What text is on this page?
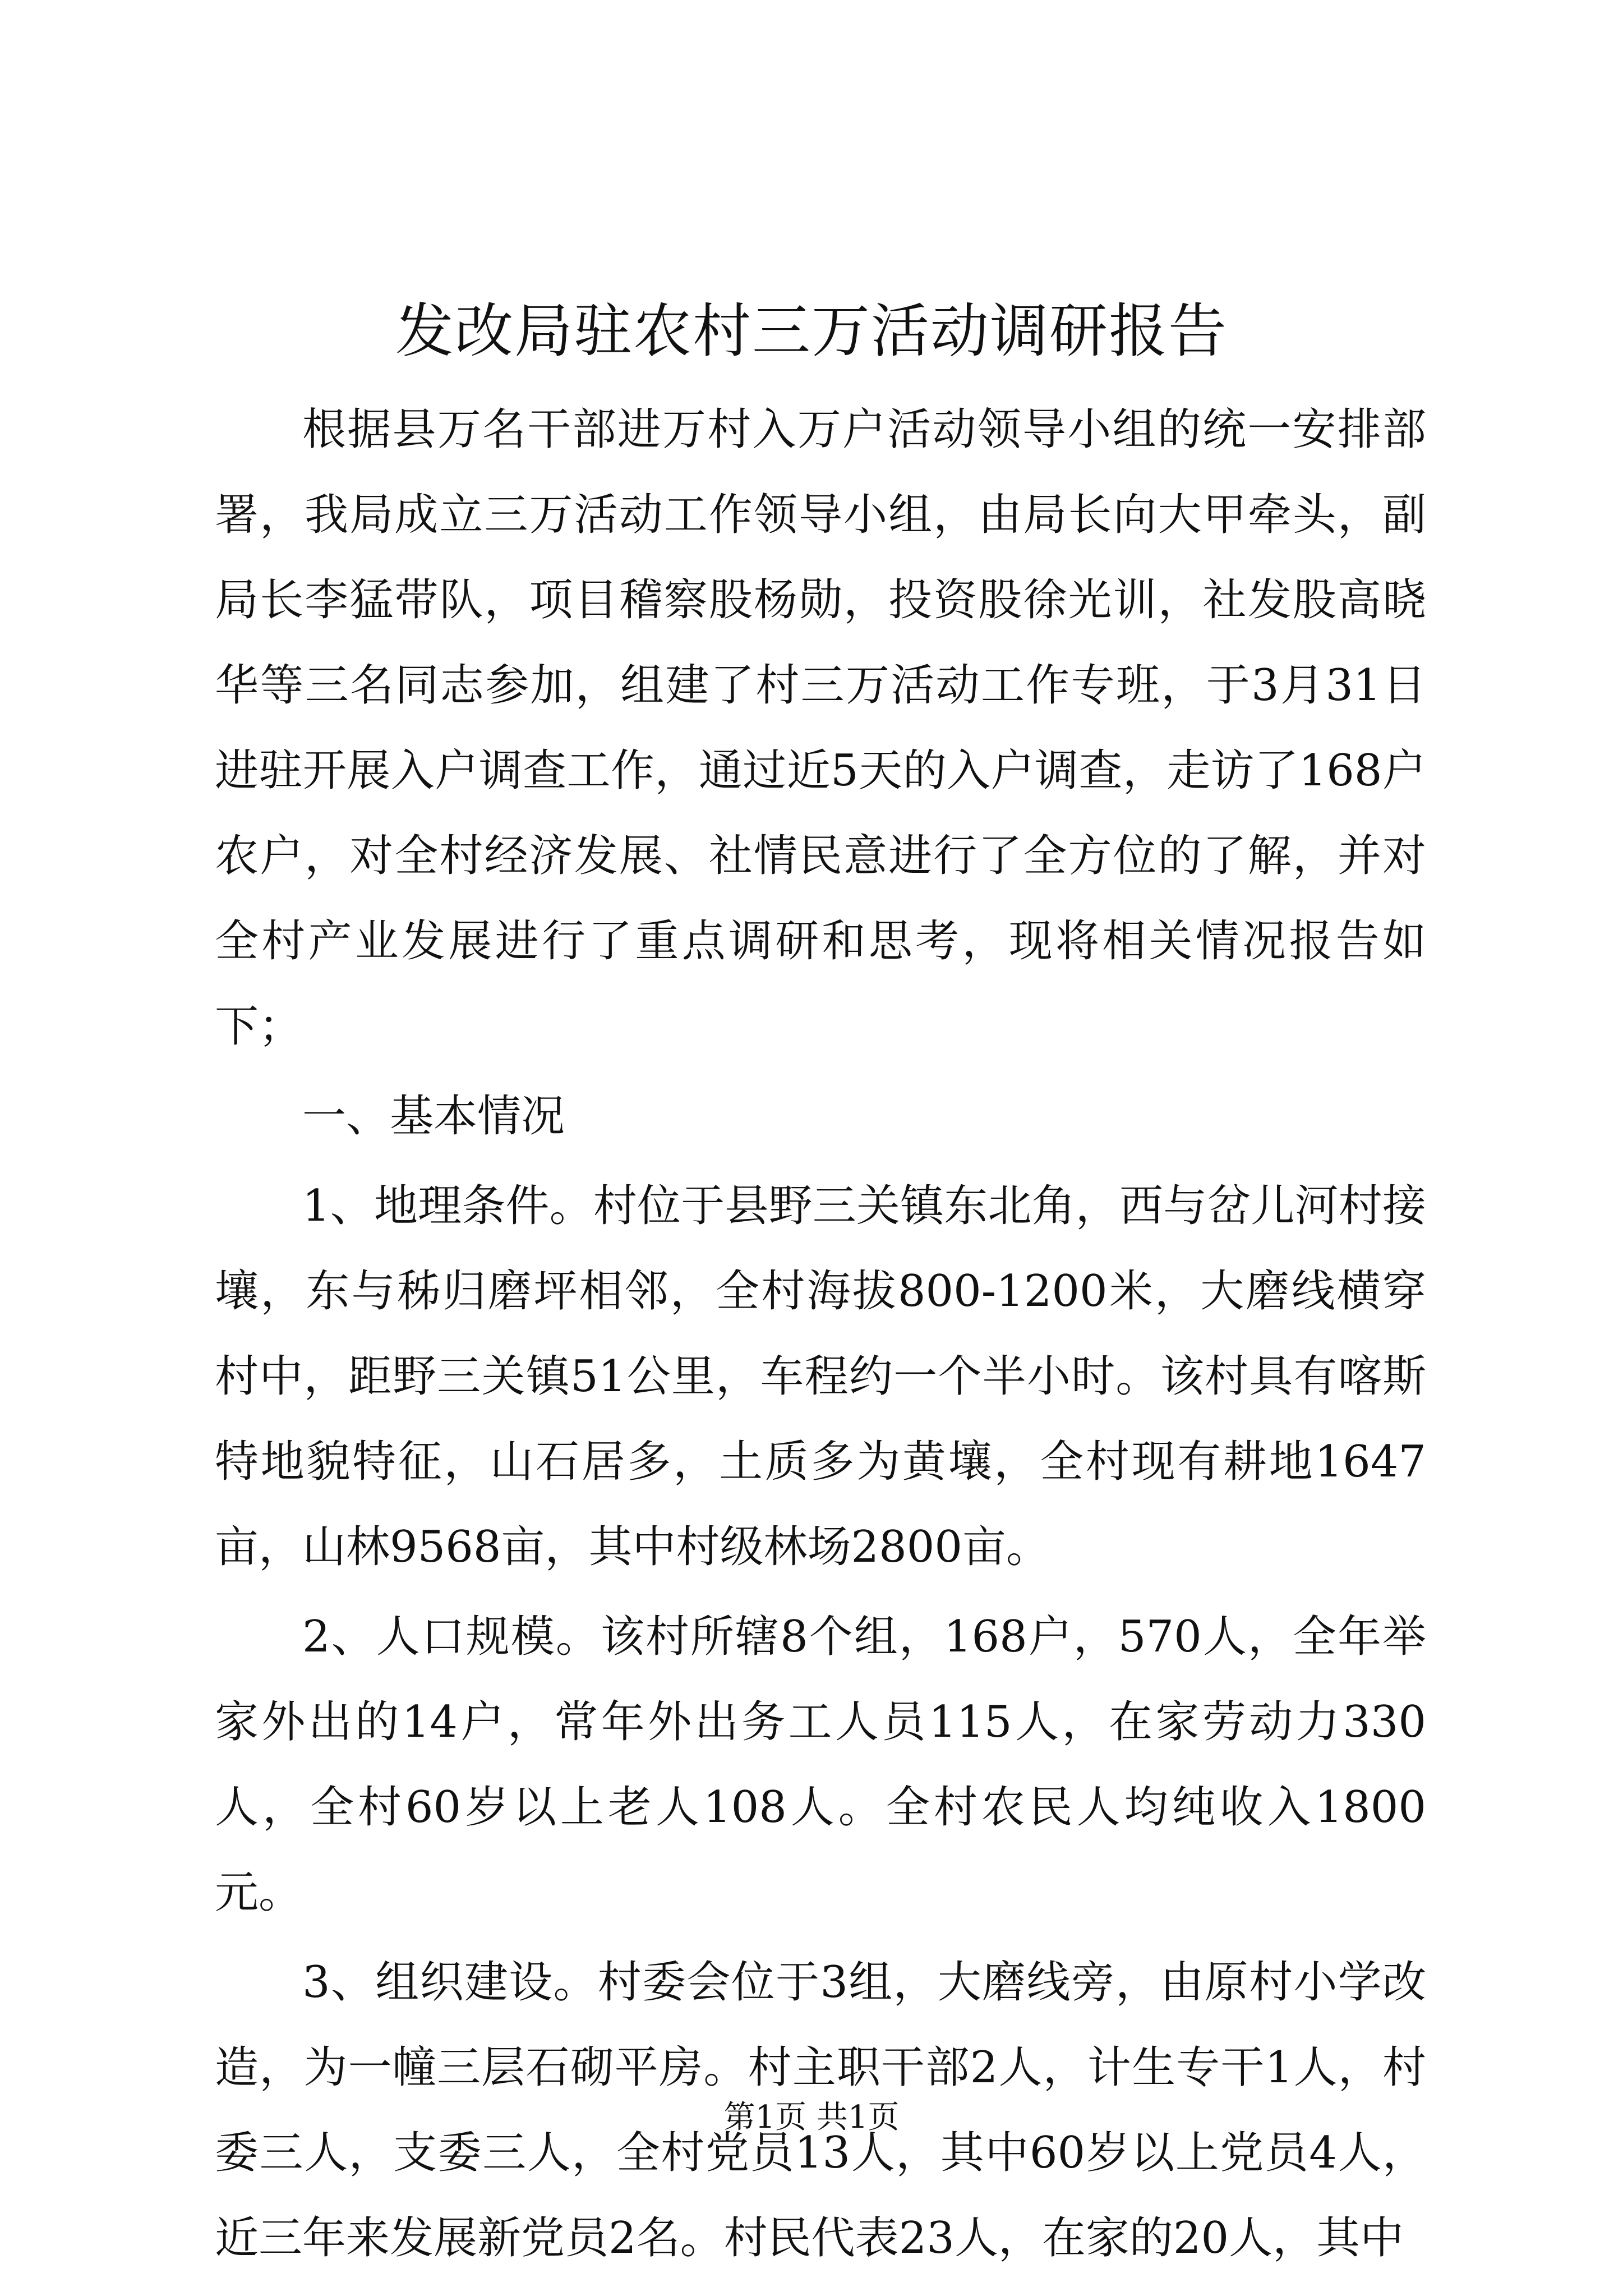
发改局驻农村三万活动调研报告

根据县万名干部进万村入万户活动领导小组的统一安排部署，我局成立三万活动工作领导小组，由局长向大甲牵头，副局长李猛带队，项目稽察股杨勋，投资股徐光训，社发股高晓华等三名同志参加，组建了村三万活动工作专班，于3月31日进驻开展入户调查工作，通过近5天的入户调查，走访了168户农户，对全村经济发展、社情民意进行了全方位的了解，并对全村产业发展进行了重点调研和思考，现将相关情况报告如下；

一、基本情况

1、地理条件。村位于县野三关镇东北角，西与岔儿河村接壤，东与秭归磨坪相邻，全村海拔800-1200米，大磨线横穿村中，距野三关镇51公里，车程约一个半小时。该村具有喀斯特地貌特征，山石居多，土质多为黄壤，全村现有耕地1647亩，山林9568亩，其中村级林场2800亩。

2、人口规模。该村所辖8个组，168户，570人，全年举家外出的14户，常年外出务工人员115人，在家劳动力330人，全村60岁以上老人108人。全村农民人均纯收入1800元。

3、组织建设。村委会位于3组，大磨线旁，由原村小学改造，为一幢三层石砌平房。村主职干部2人，计生专干1人，村委三人，支委三人，全村党员13人，其中60岁以上党员4人，近三年来发展新党员2名。村民代表23人，在家的20人，其中

第1页 共1页
